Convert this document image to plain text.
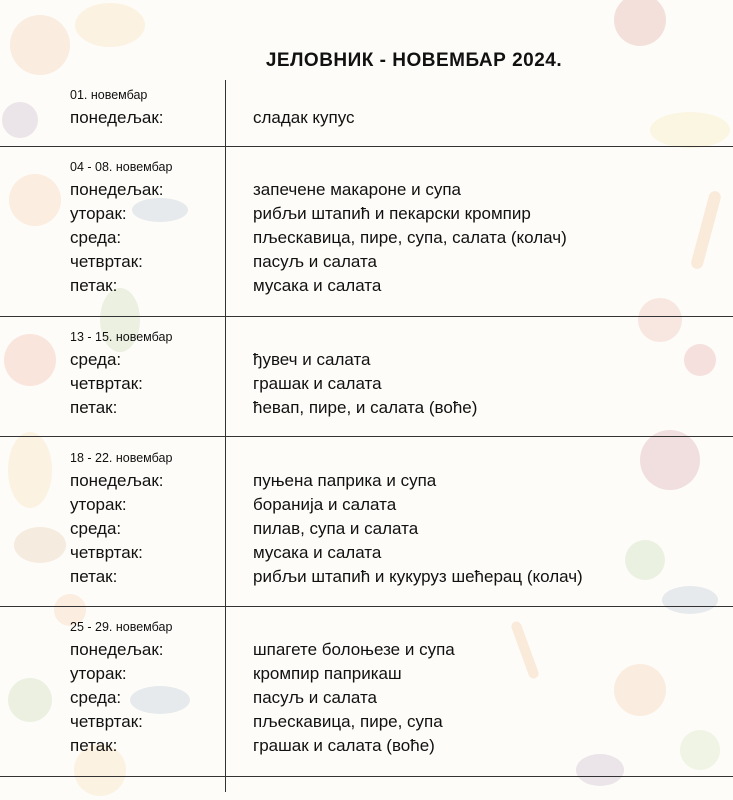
ЈЕЛОВНИК - НОВЕМБАР 2024.
01. новембар
понедељак:	сладак купус
04 - 08. новембар
понедељак:	запечене макароне и супа
уторак:	рибљи штапић и пекарски кромпир
среда:	пљескавица, пире, супа, салата (колач)
четвртак:	пасуљ и салата
петак:	мусака и салата
13 - 15. новембар
среда:	ђувеч и салата
четвртак:	грашак и салата
петак:	ћевап, пире, и салата (воће)
18 - 22. новембар
понедељак:	пуњена паприка и супа
уторак:	боранија и салата
среда:	пилав, супа и салата
четвртак:	мусака и салата
петак:	рибљи штапић и кукуруз шећерац (колач)
25 - 29. новембар
понедељак:	шпагете болоњезе и супа
уторак:	кромпир паприкаш
среда:	пасуљ и салата
четвртак:	пљескавица, пире, супа
петак:	грашак и салата (воће)
